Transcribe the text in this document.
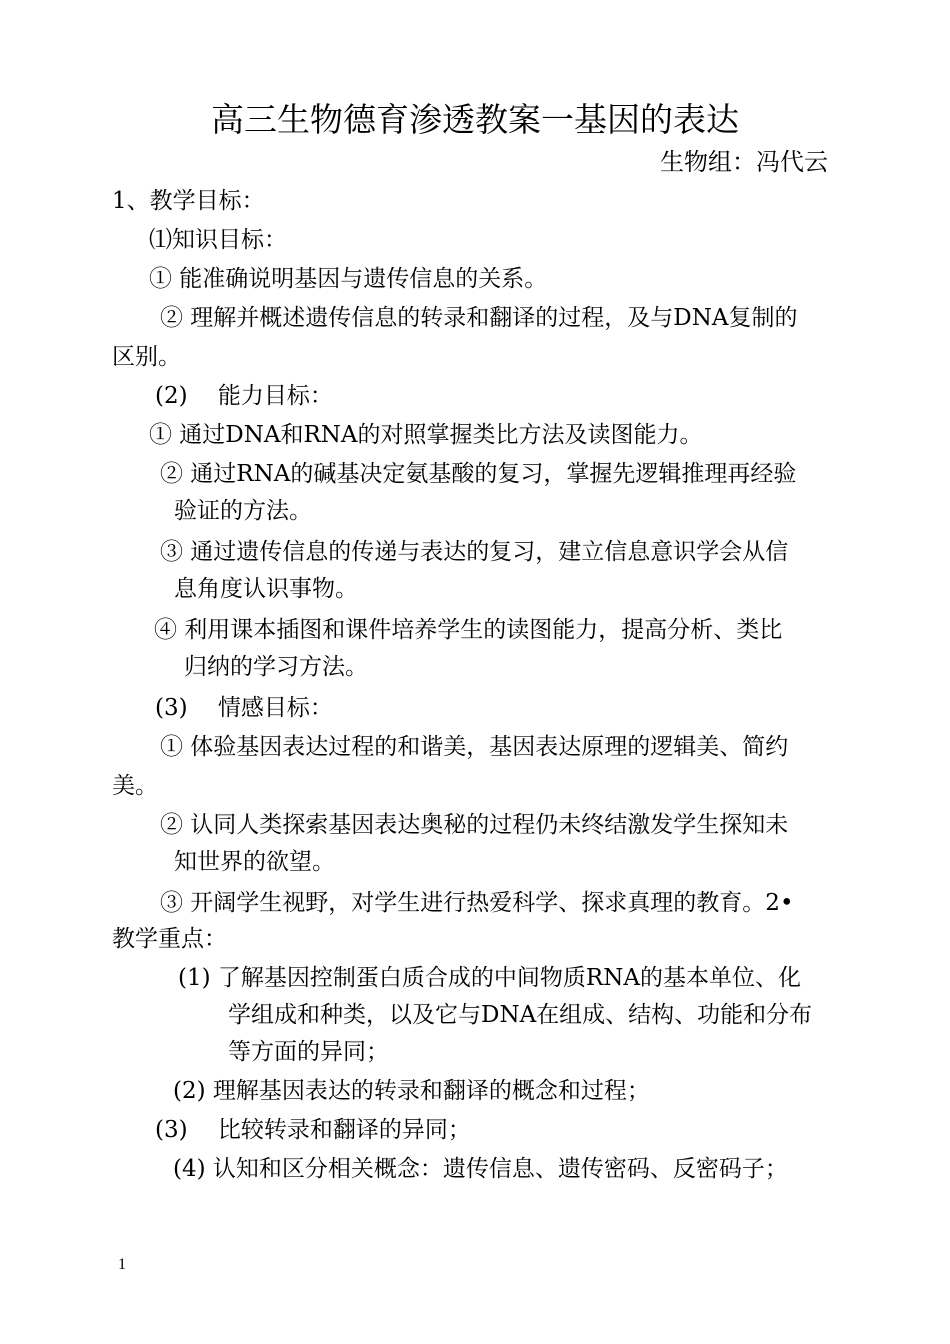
高三生物德育渗透教案一基因的表达
生物组：冯代云
1、教学目标：
⑴知识目标：
① 能准确说明基因与遗传信息的关系。
② 理解并概述遗传信息的转录和翻译的过程，及与DNA复制的
区别。
(2)　 能力目标：
① 通过DNA和RNA的对照掌握类比方法及读图能力。
② 通过RNA的碱基决定氨基酸的复习，掌握先逻辑推理再经验
验证的方法。
③ 通过遗传信息的传递与表达的复习，建立信息意识学会从信
息角度认识事物。
④ 利用课本插图和课件培养学生的读图能力，提高分析、类比
归纳的学习方法。
(3)　 情感目标：
① 体验基因表达过程的和谐美，基因表达原理的逻辑美、简约
美。
② 认同人类探索基因表达奥秘的过程仍未终结激发学生探知未
知世界的欲望。
③ 开阔学生视野，对学生进行热爱科学、探求真理的教育。2•
教学重点：
(1) 了解基因控制蛋白质合成的中间物质RNA的基本单位、化
学组成和种类，以及它与DNA在组成、结构、功能和分布
等方面的异同；
(2) 理解基因表达的转录和翻译的概念和过程；
(3)　 比较转录和翻译的异同；
(4) 认知和区分相关概念：遗传信息、遗传密码、反密码子；
1
